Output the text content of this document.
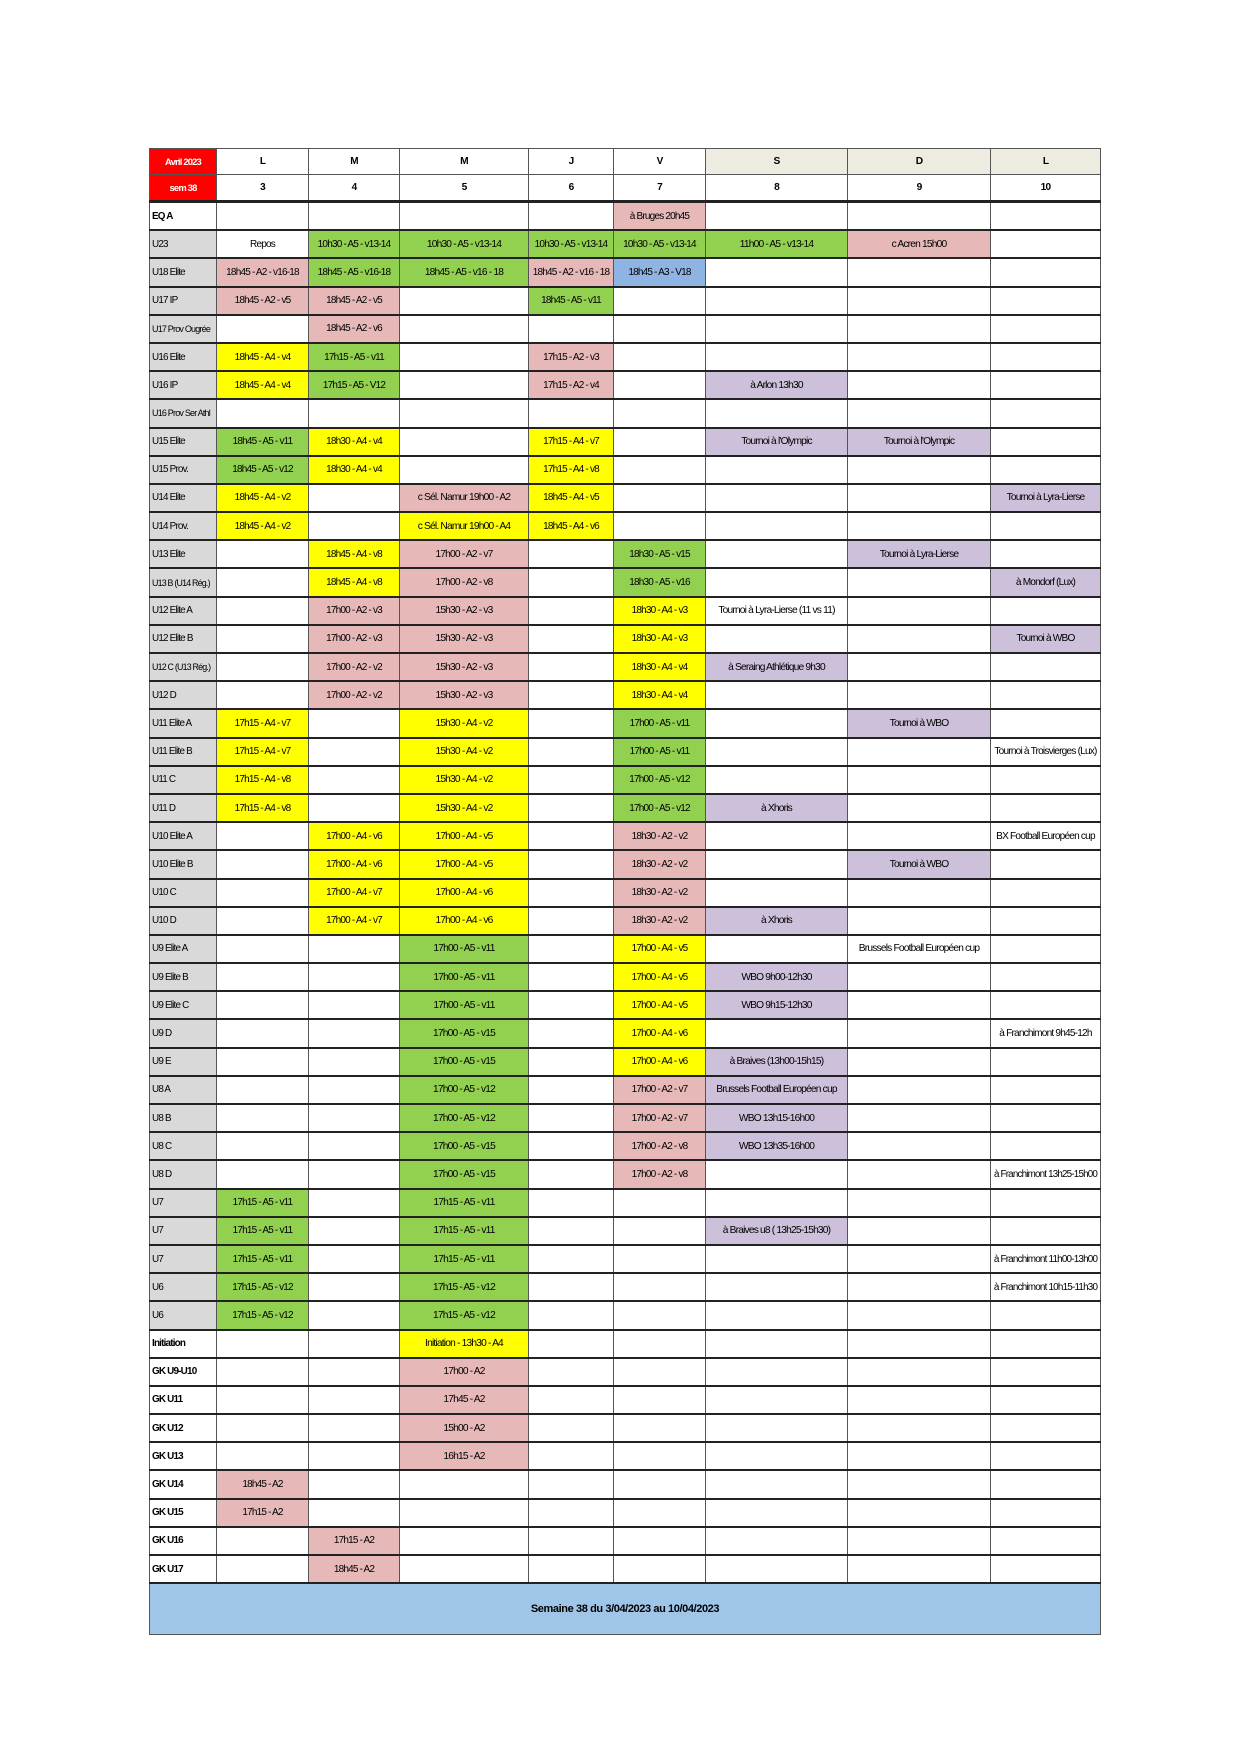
Avril 2023	L	M	M	J	V	S	D	L
sem 38	3	4	5	6	7	8	9	10
EQ A					à Bruges 20h45			
U23	Repos	10h30 - A5 - v13-14	10h30 - A5 - v13-14	10h30 - A5 - v13-14	10h30 - A5 - v13-14	11h00 - A5 - v13-14	c Acren 15h00	
U18 Elite	18h45 - A2 - v16-18	18h45 - A5 - v16-18	18h45 - A5 - v16 - 18	18h45 - A2 - v16 - 18	18h45 - A3 - V18			
U17 IP	18h45 - A2 - v5	18h45 - A2 - v5		18h45 - A5 - v11				
U17 Prov Ougrée		18h45 - A2 - v6						
U16 Elite	18h45 - A4 - v4	17h15 - A5 - v11		17h15 - A2 - v3				
U16 IP	18h45 - A4 - v4	17h15 - A5 - V12		17h15 - A2 - v4		à Arlon 13h30		
U16 Prov Ser Athl								
U15 Elite	18h45 - A5 - v11	18h30 - A4 - v4		17h15 - A4 - v7		Tournoi à l'Olympic	Tournoi à l'Olympic	
U15 Prov.	18h45 - A5 - v12	18h30 - A4 - v4		17h15 - A4 - v8				
U14 Elite	18h45 - A4 - v2		c Sél. Namur 19h00 - A2	18h45 - A4 - v5				Tournoi à Lyra-Lierse
U14 Prov.	18h45 - A4 - v2		c Sél. Namur 19h00 - A4	18h45 - A4 - v6				
U13 Elite		18h45 - A4 - v8	17h00 - A2 - v7		18h30 - A5 - v15		Tournoi à Lyra-Lierse	
U13 B (U14 Rég.)		18h45 - A4 - v8	17h00 - A2 - v8		18h30 - A5 - v16			à Mondorf (Lux)
U12 Elite A		17h00 - A2 - v3	15h30 - A2 - v3		18h30 - A4 - v3	Tournoi à Lyra-Lierse (11 vs 11)		
U12 Elite B		17h00 - A2 - v3	15h30 - A2 - v3		18h30 - A4 - v3			Tournoi à WBO
U12 C (U13 Rég.)		17h00 - A2 - v2	15h30 - A2 - v3		18h30 - A4 - v4	à Seraing Athlétique 9h30		
U12 D		17h00 - A2 - v2	15h30 - A2 - v3		18h30 - A4 - v4			
U11 Elite A	17h15 - A4 - v7		15h30 - A4 - v2		17h00 - A5 - v11		Tournoi à WBO	
U11 Elite B	17h15 - A4 - v7		15h30 - A4 - v2		17h00 - A5 - v11			Tournoi à Troisvierges (Lux)
U11 C	17h15 - A4 - v8		15h30 - A4 - v2		17h00 - A5 - v12			
U11 D	17h15 - A4 - v8		15h30 - A4 - v2		17h00 - A5 - v12	à Xhoris		
U10 Elite A		17h00 - A4 - v6	17h00 - A4 - v5		18h30 - A2 - v2			BX Football Européen cup
U10 Elite B		17h00 - A4 - v6	17h00 - A4 - v5		18h30 - A2 - v2		Tournoi à WBO	
U10 C		17h00 - A4 - v7	17h00 - A4 - v6		18h30 - A2 - v2			
U10 D		17h00 - A4 - v7	17h00 - A4 - v6		18h30 - A2 - v2	à Xhoris		
U9 Elite A			17h00 - A5 - v11		17h00 - A4 - v5		Brussels Football Européen cup	
U9 Elite B			17h00 - A5 - v11		17h00 - A4 - v5	WBO 9h00-12h30		
U9 Elite C			17h00 - A5 - v11		17h00 - A4 - v5	WBO 9h15-12h30		
U9 D			17h00 - A5 - v15		17h00 - A4 - v6			à Franchimont 9h45-12h
U9 E			17h00 - A5 - v15		17h00 - A4 - v6	à Braives (13h00-15h15)		
U8 A			17h00 - A5 - v12		17h00 - A2 - v7	Brussels Football Européen cup		
U8 B			17h00 - A5 - v12		17h00 - A2 - v7	WBO 13h15-16h00		
U8 C			17h00 - A5 - v15		17h00 - A2 - v8	WBO 13h35-16h00		
U8 D			17h00 - A5 - v15		17h00 - A2 - v8			à Franchimont 13h25-15h00
U7	17h15 - A5 - v11		17h15 - A5 - v11					
U7	17h15 - A5 - v11		17h15 - A5 - v11			à Braives u8 ( 13h25-15h30)		
U7	17h15 - A5 - v11		17h15 - A5 - v11					à Franchimont 11h00-13h00
U6	17h15 - A5 - v12		17h15 - A5 - v12					à Franchimont 10h15-11h30
U6	17h15 - A5 - v12		17h15 - A5 - v12					
Initiation			Initiation - 13h30 - A4					
GK U9-U10			17h00 - A2					
GK U11			17h45 - A2					
GK U12			15h00 - A2					
GK U13			16h15 - A2					
GK U14	18h45 - A2							
GK U15	17h15 - A2							
GK U16		17h15 - A2						
GK U17		18h45 - A2						
Semaine 38 du 3/04/2023 au 10/04/2023								
